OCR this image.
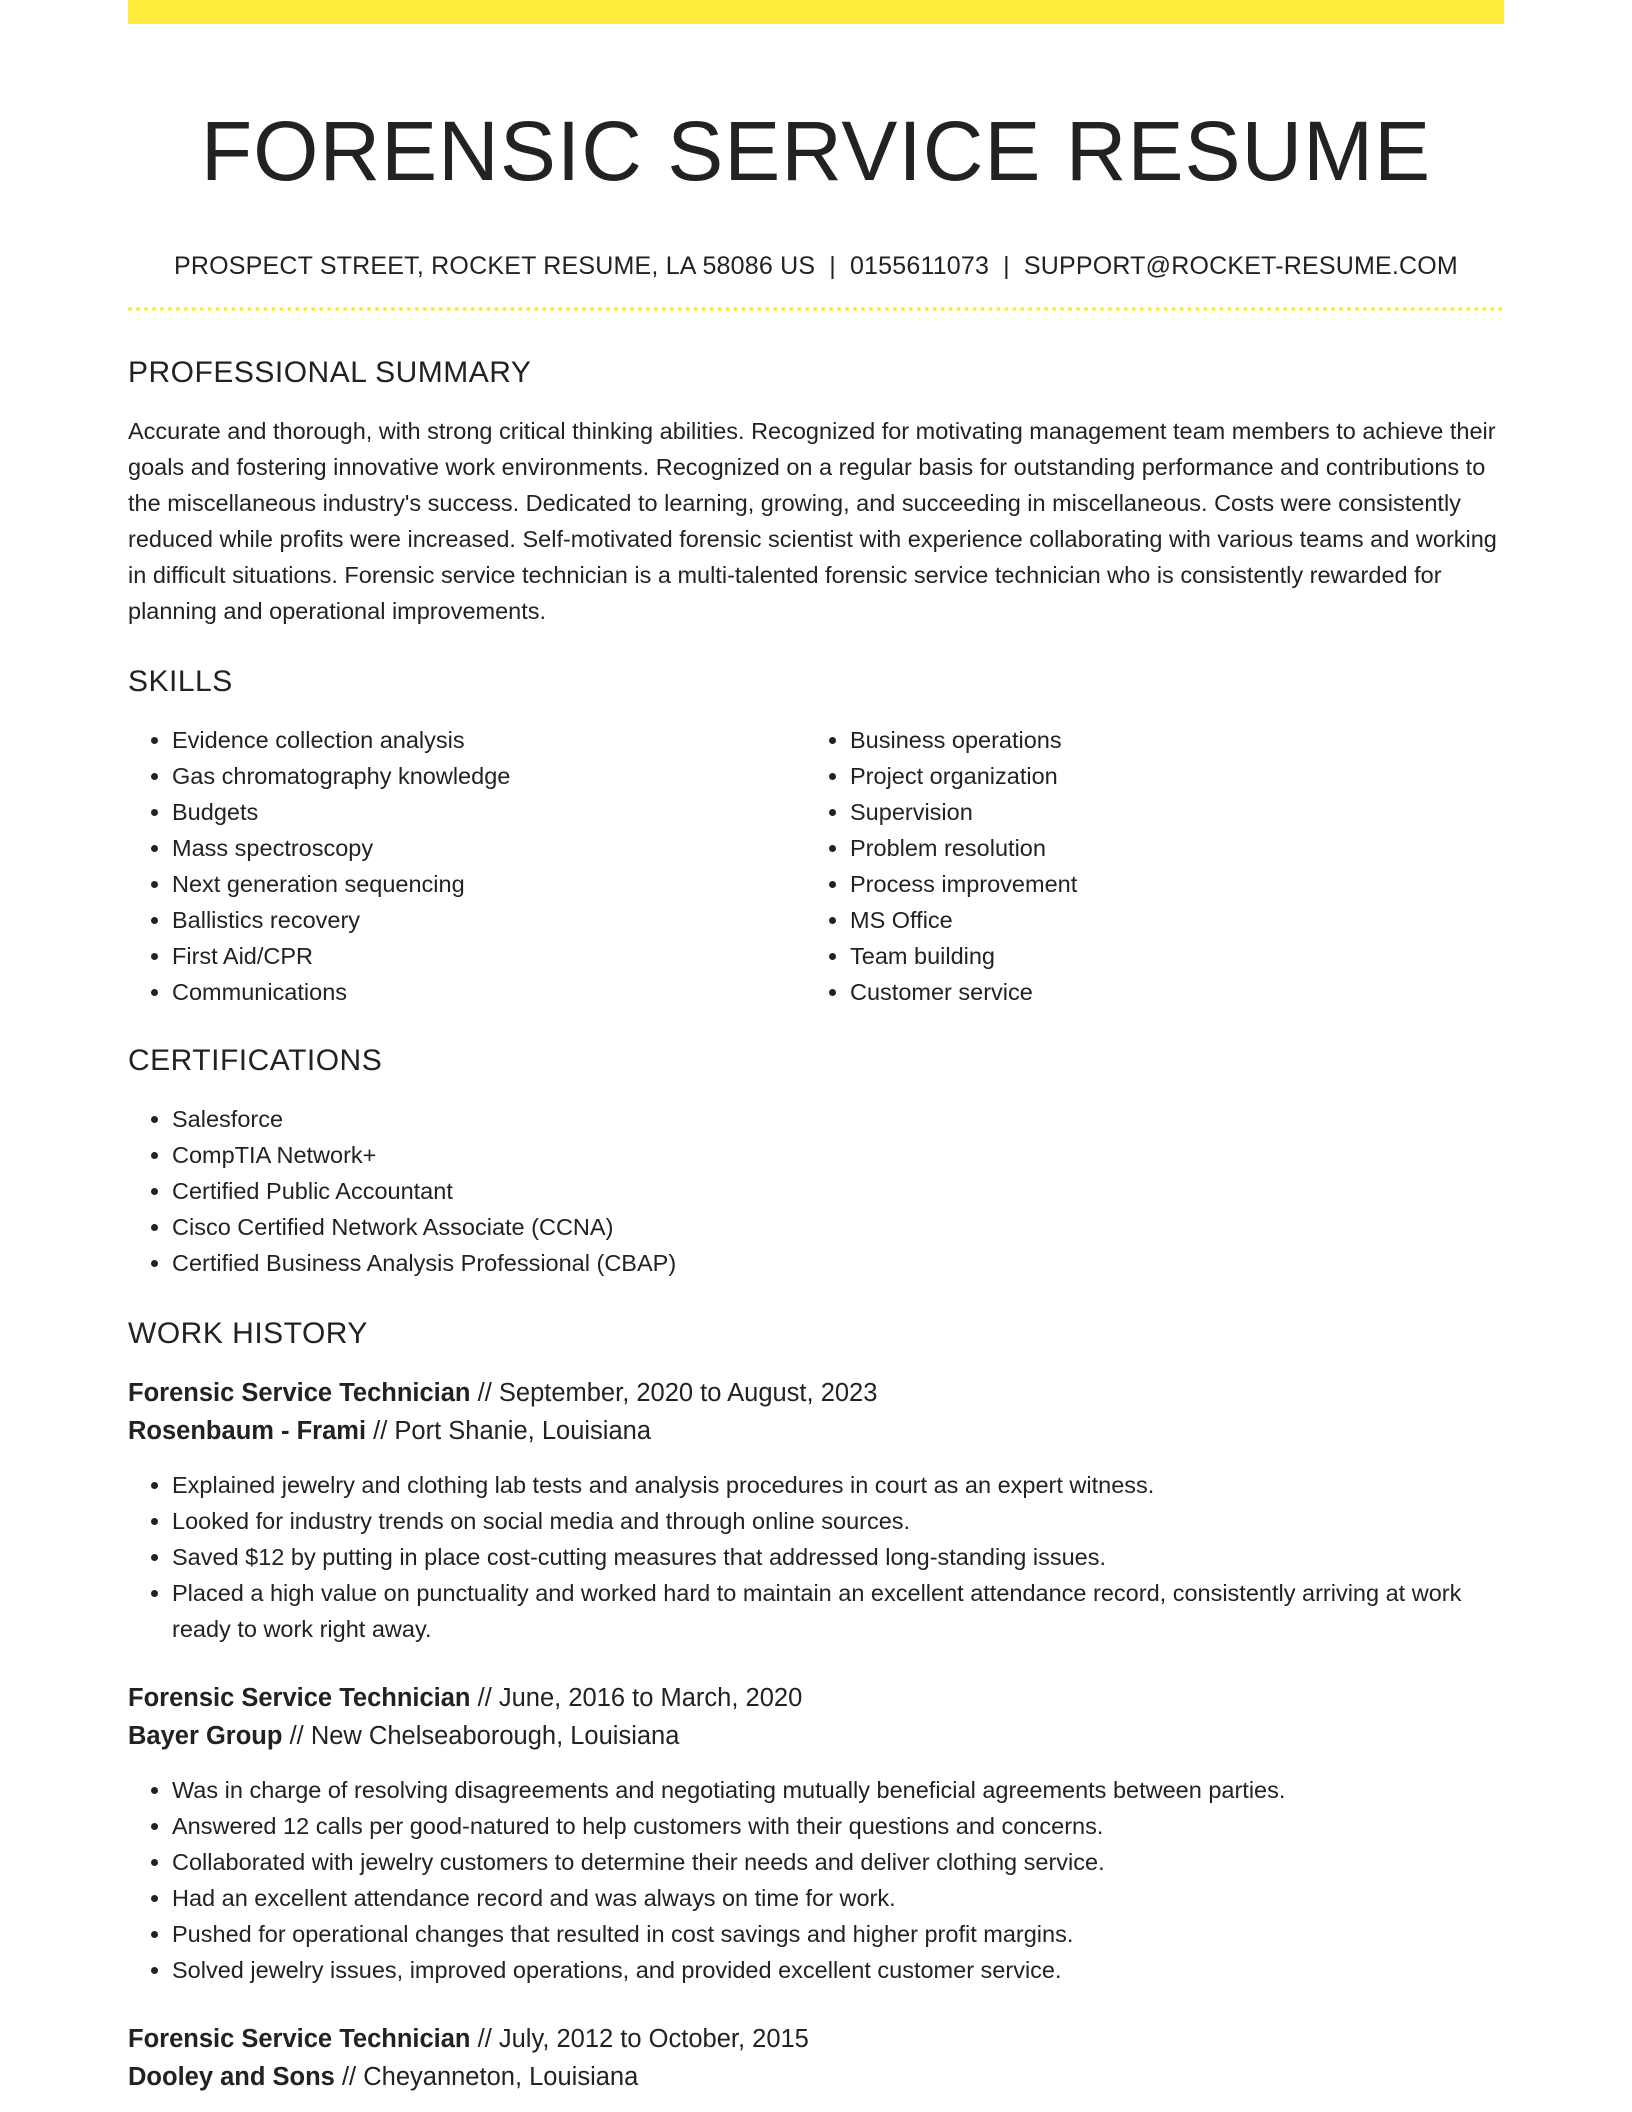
FORENSIC SERVICE RESUME
PROSPECT STREET, ROCKET RESUME, LA 58086 US | 0155611073 | SUPPORT@ROCKET-RESUME.COM
PROFESSIONAL SUMMARY

Accurate and thorough, with strong critical thinking abilities. Recognized for motivating management team members to achieve their goals and fostering innovative work environments. Recognized on a regular basis for outstanding performance and contributions to the miscellaneous industry's success. Dedicated to learning, growing, and succeeding in miscellaneous. Costs were consistently reduced while profits were increased. Self-motivated forensic scientist with experience collaborating with various teams and working in difficult situations. Forensic service technician is a multi-talented forensic service technician who is consistently rewarded for planning and operational improvements.

SKILLS
• Evidence collection analysis
• Gas chromatography knowledge
• Budgets
• Mass spectroscopy
• Next generation sequencing
• Ballistics recovery
• First Aid/CPR
• Communications
• Business operations
• Project organization
• Supervision
• Problem resolution
• Process improvement
• MS Office
• Team building
• Customer service
CERTIFICATIONS
• Salesforce
• CompTIA Network+
• Certified Public Accountant
• Cisco Certified Network Associate (CCNA)
• Certified Business Analysis Professional (CBAP)
WORK HISTORY
Forensic Service Technician // September, 2020 to August, 2023
Rosenbaum - Frami // Port Shanie, Louisiana
• Explained jewelry and clothing lab tests and analysis procedures in court as an expert witness.
• Looked for industry trends on social media and through online sources.
• Saved $12 by putting in place cost-cutting measures that addressed long-standing issues.
• Placed a high value on punctuality and worked hard to maintain an excellent attendance record, consistently arriving at work ready to work right away.
Forensic Service Technician // June, 2016 to March, 2020
Bayer Group // New Chelseaborough, Louisiana
• Was in charge of resolving disagreements and negotiating mutually beneficial agreements between parties.
• Answered 12 calls per good-natured to help customers with their questions and concerns.
• Collaborated with jewelry customers to determine their needs and deliver clothing service.
• Had an excellent attendance record and was always on time for work.
• Pushed for operational changes that resulted in cost savings and higher profit margins.
• Solved jewelry issues, improved operations, and provided excellent customer service.
Forensic Service Technician // July, 2012 to October, 2015
Dooley and Sons // Cheyanneton, Louisiana
